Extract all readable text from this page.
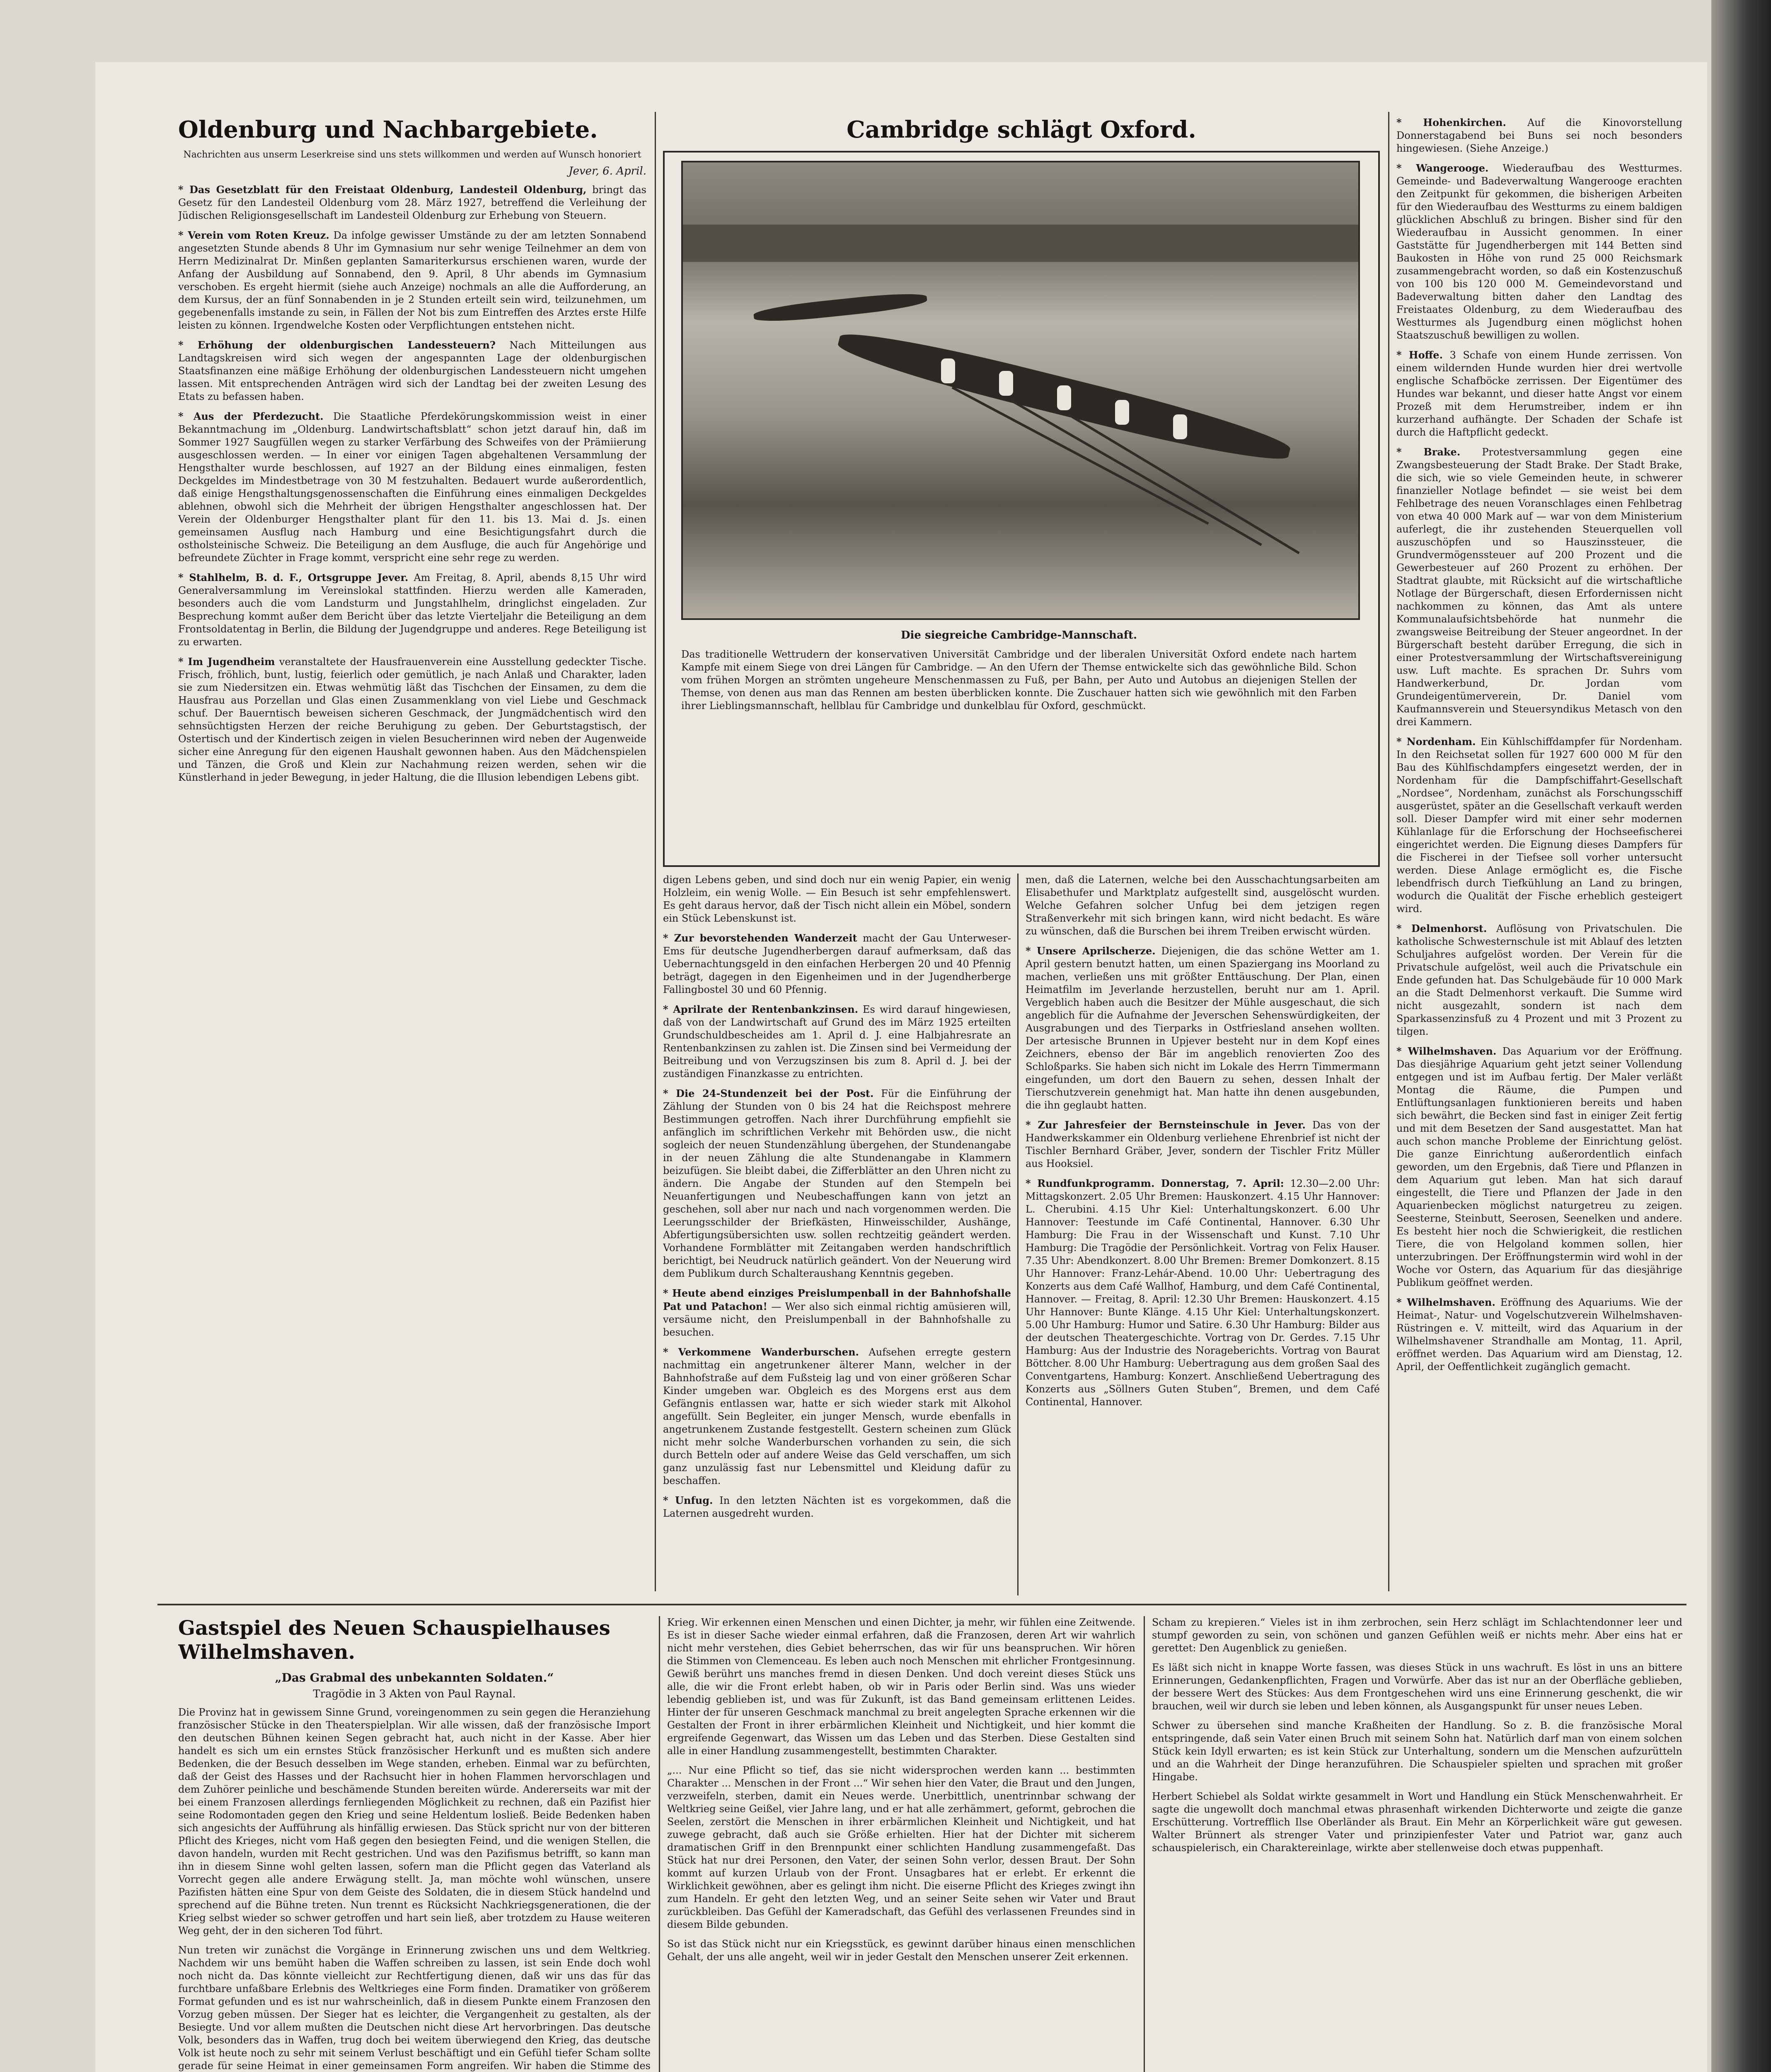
Oldenburg und Nachbargebiete.
Nachrichten aus unserm Leserkreise sind uns stets willkommen und werden auf Wunsch honoriert
Jever, 6. April.

* Das Gesetzblatt für den Freistaat Oldenburg, Landesteil Oldenburg, bringt das Gesetz für den Landesteil Oldenburg vom 28. März 1927, betreffend die Verleihung der Jüdischen Religionsgesellschaft im Landesteil Oldenburg zur Erhebung von Steuern.

* Verein vom Roten Kreuz. Da infolge gewisser Umstände zu der am letzten Sonnabend angesetzten Stunde abends 8 Uhr im Gymnasium nur sehr wenige Teilnehmer an dem von Herrn Medizinalrat Dr. Minßen geplanten Samariterkursus erschienen waren, wurde der Anfang der Ausbildung auf Sonnabend, den 9. April, 8 Uhr abends im Gymnasium verschoben. Es ergeht hiermit (siehe auch Anzeige) nochmals an alle die Aufforderung, an dem Kursus, der an fünf Sonnabenden in je 2 Stunden erteilt sein wird, teilzunehmen, um gegebenenfalls imstande zu sein, in Fällen der Not bis zum Eintreffen des Arztes erste Hilfe leisten zu können. Irgendwelche Kosten oder Verpflichtungen entstehen nicht.

* Erhöhung der oldenburgischen Landessteuern? Nach Mitteilungen aus Landtagskreisen wird sich wegen der angespannten Lage der oldenburgischen Staatsfinanzen eine mäßige Erhöhung der oldenburgischen Landessteuern nicht umgehen lassen. Mit entsprechenden Anträgen wird sich der Landtag bei der zweiten Lesung des Etats zu befassen haben.

* Aus der Pferdezucht. Die Staatliche Pferdekörungskommission weist in einer Bekanntmachung im „Oldenburg. Landwirtschaftsblatt“ schon jetzt darauf hin, daß im Sommer 1927 Saugfüllen wegen zu starker Verfärbung des Schweifes von der Prämiierung ausgeschlossen werden. — In einer vor einigen Tagen abgehaltenen Versammlung der Hengsthalter wurde beschlossen, auf 1927 an der Bildung eines einmaligen, festen Deckgeldes im Mindestbetrage von 30 M festzuhalten. Bedauert wurde außerordentlich, daß einige Hengsthaltungsgenossenschaften die Einführung eines einmaligen Deckgeldes ablehnen, obwohl sich die Mehrheit der übrigen Hengsthalter angeschlossen hat. Der Verein der Oldenburger Hengsthalter plant für den 11. bis 13. Mai d. Js. einen gemeinsamen Ausflug nach Hamburg und eine Besichtigungsfahrt durch die ostholsteinische Schweiz. Die Beteiligung an dem Ausfluge, die auch für Angehörige und befreundete Züchter in Frage kommt, verspricht eine sehr rege zu werden.

* Stahlhelm, B. d. F., Ortsgruppe Jever. Am Freitag, 8. April, abends 8,15 Uhr wird Generalversammlung im Vereinslokal stattfinden. Hierzu werden alle Kameraden, besonders auch die vom Landsturm und Jungstahlhelm, dringlichst eingeladen. Zur Besprechung kommt außer dem Bericht über das letzte Vierteljahr die Beteiligung an dem Frontsoldatentag in Berlin, die Bildung der Jugendgruppe und anderes. Rege Beteiligung ist zu erwarten.

* Im Jugendheim veranstaltete der Hausfrauenverein eine Ausstellung gedeckter Tische. Frisch, fröhlich, bunt, lustig, feierlich oder gemütlich, je nach Anlaß und Charakter, laden sie zum Niedersitzen ein. Etwas wehmütig läßt das Tischchen der Einsamen, zu dem die Hausfrau aus Porzellan und Glas einen Zusammenklang von viel Liebe und Geschmack schuf. Der Bauerntisch beweisen sicheren Geschmack, der Jungmädchentisch wird den sehnsüchtigsten Herzen der reiche Beruhigung zu geben. Der Geburtstagstisch, der Ostertisch und der Kindertisch zeigen in vielen Besucherinnen wird neben der Augenweide sicher eine Anregung für den eigenen Haushalt gewonnen haben. Aus den Mädchenspielen und Tänzen, die Groß und Klein zur Nachahmung reizen werden, sehen wir die Künstlerhand in jeder Bewegung, in jeder Haltung, die die Illusion lebendigen Lebens gibt.

Cambridge schlägt Oxford.

Die siegreiche Cambridge-Mannschaft.

Das traditionelle Wettrudern der konservativen Universität Cambridge und der liberalen Universität Oxford endete nach hartem Kampfe mit einem Siege von drei Längen für Cambridge. — An den Ufern der Themse entwickelte sich das gewöhnliche Bild. Schon vom frühen Morgen an strömten ungeheure Menschenmassen zu Fuß, per Bahn, per Auto und Autobus an diejenigen Stellen der Themse, von denen aus man das Rennen am besten überblicken konnte. Die Zuschauer hatten sich wie gewöhnlich mit den Farben ihrer Lieblingsmannschaft, hellblau für Cambridge und dunkelblau für Oxford, geschmückt.

digen Lebens geben, und sind doch nur ein wenig Papier, ein wenig Holzleim, ein wenig Wolle. — Ein Besuch ist sehr empfehlenswert. Es geht daraus hervor, daß der Tisch nicht allein ein Möbel, sondern ein Stück Lebenskunst ist.

* Zur bevorstehenden Wanderzeit macht der Gau Unterweser-Ems für deutsche Jugendherbergen darauf aufmerksam, daß das Uebernachtungsgeld in den einfachen Herbergen 20 und 40 Pfennig beträgt, dagegen in den Eigenheimen und in der Jugendherberge Fallingbostel 30 und 60 Pfennig.

* Aprilrate der Rentenbankzinsen. Es wird darauf hingewiesen, daß von der Landwirtschaft auf Grund des im März 1925 erteilten Grundschuldbescheides am 1. April d. J. eine Halbjahresrate an Rentenbankzinsen zu zahlen ist. Die Zinsen sind bei Vermeidung der Beitreibung und von Verzugszinsen bis zum 8. April d. J. bei der zuständigen Finanzkasse zu entrichten.

* Die 24-Stundenzeit bei der Post. Für die Einführung der Zählung der Stunden von 0 bis 24 hat die Reichspost mehrere Bestimmungen getroffen. Nach ihrer Durchführung empfiehlt sie anfänglich im schriftlichen Verkehr mit Behörden usw., die nicht sogleich der neuen Stundenzählung übergehen, der Stundenangabe in der neuen Zählung die alte Stundenangabe in Klammern beizufügen. Sie bleibt dabei, die Zifferblätter an den Uhren nicht zu ändern. Die Angabe der Stunden auf den Stempeln bei Neuanfertigungen und Neubeschaffungen kann von jetzt an geschehen, soll aber nur nach und nach vorgenommen werden. Die Leerungsschilder der Briefkästen, Hinweisschilder, Aushänge, Abfertigungsübersichten usw. sollen rechtzeitig geändert werden. Vorhandene Formblätter mit Zeitangaben werden handschriftlich berichtigt, bei Neudruck natürlich geändert. Von der Neuerung wird dem Publikum durch Schalteraushang Kenntnis gegeben.

* Heute abend einziges Preislumpenball in der Bahnhofshalle Pat und Patachon! — Wer also sich einmal richtig amüsieren will, versäume nicht, den Preislumpenball in der Bahnhofshalle zu besuchen.

* Verkommene Wanderburschen. Aufsehen erregte gestern nachmittag ein angetrunkener älterer Mann, welcher in der Bahnhofstraße auf dem Fußsteig lag und von einer größeren Schar Kinder umgeben war. Obgleich es des Morgens erst aus dem Gefängnis entlassen war, hatte er sich wieder stark mit Alkohol angefüllt. Sein Begleiter, ein junger Mensch, wurde ebenfalls in angetrunkenem Zustande festgestellt. Gestern scheinen zum Glück nicht mehr solche Wanderburschen vorhanden zu sein, die sich durch Betteln oder auf andere Weise das Geld verschaffen, um sich ganz unzulässig fast nur Lebensmittel und Kleidung dafür zu beschaffen.

* Unfug. In den letzten Nächten ist es vorgekommen, daß die Laternen ausgedreht wurden.

men, daß die Laternen, welche bei den Ausschachtungsarbeiten am Elisabethufer und Marktplatz aufgestellt sind, ausgelöscht wurden. Welche Gefahren solcher Unfug bei dem jetzigen regen Straßenverkehr mit sich bringen kann, wird nicht bedacht. Es wäre zu wünschen, daß die Burschen bei ihrem Treiben erwischt würden.

* Unsere Aprilscherze. Diejenigen, die das schöne Wetter am 1. April gestern benutzt hatten, um einen Spaziergang ins Moorland zu machen, verließen uns mit größter Enttäuschung. Der Plan, einen Heimatfilm im Jeverlande herzustellen, beruht nur am 1. April. Vergeblich haben auch die Besitzer der Mühle ausgeschaut, die sich angeblich für die Aufnahme der Jeverschen Sehenswürdigkeiten, der Ausgrabungen und des Tierparks in Ostfriesland ansehen wollten. Der artesische Brunnen in Upjever besteht nur in dem Kopf eines Zeichners, ebenso der Bär im angeblich renovierten Zoo des Schloßparks. Sie haben sich nicht im Lokale des Herrn Timmermann eingefunden, um dort den Bauern zu sehen, dessen Inhalt der Tierschutzverein genehmigt hat. Man hatte ihn denen ausgebunden, die ihn geglaubt hatten.

* Zur Jahresfeier der Bernsteinschule in Jever. Das von der Handwerkskammer ein Oldenburg verliehene Ehrenbrief ist nicht der Tischler Bernhard Gräber, Jever, sondern der Tischler Fritz Müller aus Hooksiel.

* Rundfunkprogramm. Donnerstag, 7. April: 12.30—2.00 Uhr: Mittagskonzert. 2.05 Uhr Bremen: Hauskonzert. 4.15 Uhr Hannover: L. Cherubini. 4.15 Uhr Kiel: Unterhaltungskonzert. 6.00 Uhr Hannover: Teestunde im Café Continental, Hannover. 6.30 Uhr Hamburg: Die Frau in der Wissenschaft und Kunst. 7.10 Uhr Hamburg: Die Tragödie der Persönlichkeit. Vortrag von Felix Hauser. 7.35 Uhr: Abendkonzert. 8.00 Uhr Bremen: Bremer Domkonzert. 8.15 Uhr Hannover: Franz-Lehár-Abend. 10.00 Uhr: Uebertragung des Konzerts aus dem Café Wallhof, Hamburg, und dem Café Continental, Hannover. — Freitag, 8. April: 12.30 Uhr Bremen: Hauskonzert. 4.15 Uhr Hannover: Bunte Klänge. 4.15 Uhr Kiel: Unterhaltungskonzert. 5.00 Uhr Hamburg: Humor und Satire. 6.30 Uhr Hamburg: Bilder aus der deutschen Theatergeschichte. Vortrag von Dr. Gerdes. 7.15 Uhr Hamburg: Aus der Industrie des Norageberichts. Vortrag von Baurat Böttcher. 8.00 Uhr Hamburg: Uebertragung aus dem großen Saal des Conventgartens, Hamburg: Konzert. Anschließend Uebertragung des Konzerts aus „Söllners Guten Stuben“, Bremen, und dem Café Continental, Hannover.

* Hohenkirchen. Auf die Kinovorstellung Donnerstagabend bei Buns sei noch besonders hingewiesen. (Siehe Anzeige.)

* Wangerooge. Wiederaufbau des Westturmes. Gemeinde- und Badeverwaltung Wangerooge erachten den Zeitpunkt für gekommen, die bisherigen Arbeiten für den Wiederaufbau des Westturms zu einem baldigen glücklichen Abschluß zu bringen. Bisher sind für den Wiederaufbau in Aussicht genommen. In einer Gaststätte für Jugendherbergen mit 144 Betten sind Baukosten in Höhe von rund 25 000 Reichsmark zusammengebracht worden, so daß ein Kostenzuschuß von 100 bis 120 000 M. Gemeindevorstand und Badeverwaltung bitten daher den Landtag des Freistaates Oldenburg, zu dem Wiederaufbau des Westturmes als Jugendburg einen möglichst hohen Staatszuschuß bewilligen zu wollen.

* Hoffe. 3 Schafe von einem Hunde zerrissen. Von einem wildernden Hunde wurden hier drei wertvolle englische Schafböcke zerrissen. Der Eigentümer des Hundes war bekannt, und dieser hatte Angst vor einem Prozeß mit dem Herumstreiber, indem er ihn kurzerhand aufhängte. Der Schaden der Schafe ist durch die Haftpflicht gedeckt.

* Brake. Protestversammlung gegen eine Zwangsbesteuerung der Stadt Brake. Der Stadt Brake, die sich, wie so viele Gemeinden heute, in schwerer finanzieller Notlage befindet — sie weist bei dem Fehlbetrage des neuen Voranschlages einen Fehlbetrag von etwa 40 000 Mark auf — war von dem Ministerium auferlegt, die ihr zustehenden Steuerquellen voll auszuschöpfen und so Hauszinssteuer, die Grundvermögenssteuer auf 200 Prozent und die Gewerbesteuer auf 260 Prozent zu erhöhen. Der Stadtrat glaubte, mit Rücksicht auf die wirtschaftliche Notlage der Bürgerschaft, diesen Erfordernissen nicht nachkommen zu können, das Amt als untere Kommunalaufsichtsbehörde hat nunmehr die zwangsweise Beitreibung der Steuer angeordnet. In der Bürgerschaft besteht darüber Erregung, die sich in einer Protestversammlung der Wirtschaftsvereinigung usw. Luft machte. Es sprachen Dr. Suhrs vom Handwerkerbund, Dr. Jordan vom Grundeigentümerverein, Dr. Daniel vom Kaufmannsverein und Steuersyndikus Metasch von den drei Kammern.

* Nordenham. Ein Kühlschiffdampfer für Nordenham. In den Reichsetat sollen für 1927 600 000 M für den Bau des Kühlfischdampfers eingesetzt werden, der in Nordenham für die Dampfschiffahrt-Gesellschaft „Nordsee“, Nordenham, zunächst als Forschungsschiff ausgerüstet, später an die Gesellschaft verkauft werden soll. Dieser Dampfer wird mit einer sehr modernen Kühlanlage für die Erforschung der Hochseefischerei eingerichtet werden. Die Eignung dieses Dampfers für die Fischerei in der Tiefsee soll vorher untersucht werden. Diese Anlage ermöglicht es, die Fische lebendfrisch durch Tiefkühlung an Land zu bringen, wodurch die Qualität der Fische erheblich gesteigert wird.

* Delmenhorst. Auflösung von Privatschulen. Die katholische Schwesternschule ist mit Ablauf des letzten Schuljahres aufgelöst worden. Der Verein für die Privatschule aufgelöst, weil auch die Privatschule ein Ende gefunden hat. Das Schulgebäude für 10 000 Mark an die Stadt Delmenhorst verkauft. Die Summe wird nicht ausgezahlt, sondern ist nach dem Sparkassenzinsfuß zu 4 Prozent und mit 3 Prozent zu tilgen.

* Wilhelmshaven. Das Aquarium vor der Eröffnung. Das diesjährige Aquarium geht jetzt seiner Vollendung entgegen und ist im Aufbau fertig. Der Maler verläßt Montag die Räume, die Pumpen und Entlüftungsanlagen funktionieren bereits und haben sich bewährt, die Becken sind fast in einiger Zeit fertig und mit dem Besetzen der Sand ausgestattet. Man hat auch schon manche Probleme der Einrichtung gelöst. Die ganze Einrichtung außerordentlich einfach geworden, um den Ergebnis, daß Tiere und Pflanzen in dem Aquarium gut leben. Man hat sich darauf eingestellt, die Tiere und Pflanzen der Jade in den Aquarienbecken möglichst naturgetreu zu zeigen. Seesterne, Steinbutt, Seerosen, Seenelken und andere. Es besteht hier noch die Schwierigkeit, die restlichen Tiere, die von Helgoland kommen sollen, hier unterzubringen. Der Eröffnungstermin wird wohl in der Woche vor Ostern, das Aquarium für das diesjährige Publikum geöffnet werden.

* Wilhelmshaven. Eröffnung des Aquariums. Wie der Heimat-, Natur- und Vogelschutzverein Wilhelmshaven-Rüstringen e. V. mitteilt, wird das Aquarium in der Wilhelmshavener Strandhalle am Montag, 11. April, eröffnet werden. Das Aquarium wird am Dienstag, 12. April, der Oeffentlichkeit zugänglich gemacht.

Gastspiel des Neuen Schauspielhauses Wilhelmshaven.
„Das Grabmal des unbekannten Soldaten.“
Tragödie in 3 Akten von Paul Raynal.

Die Provinz hat in gewissem Sinne Grund, voreingenommen zu sein gegen die Heranziehung französischer Stücke in den Theaterspielplan. Wir alle wissen, daß der französische Import den deutschen Bühnen keinen Segen gebracht hat, auch nicht in der Kasse. Aber hier handelt es sich um ein ernstes Stück französischer Herkunft und es mußten sich andere Bedenken, die der Besuch desselben im Wege standen, erheben. Einmal war zu befürchten, daß der Geist des Hasses und der Rachsucht hier in hohen Flammen hervorschlagen und dem Zuhörer peinliche und beschämende Stunden bereiten würde. Andererseits war mit der bei einem Franzosen allerdings fernliegenden Möglichkeit zu rechnen, daß ein Pazifist hier seine Rodomontaden gegen den Krieg und seine Heldentum losließ. Beide Bedenken haben sich angesichts der Aufführung als hinfällig erwiesen. Das Stück spricht nur von der bitteren Pflicht des Krieges, nicht vom Haß gegen den besiegten Feind, und die wenigen Stellen, die davon handeln, wurden mit Recht gestrichen. Und was den Pazifismus betrifft, so kann man ihn in diesem Sinne wohl gelten lassen, sofern man die Pflicht gegen das Vaterland als Vorrecht gegen alle andere Erwägung stellt. Ja, man möchte wohl wünschen, unsere Pazifisten hätten eine Spur von dem Geiste des Soldaten, die in diesem Stück handelnd und sprechend auf die Bühne treten. Nun trennt es Rücksicht Nachkriegsgenerationen, die der Krieg selbst wieder so schwer getroffen und hart sein ließ, aber trotzdem zu Hause weiteren Weg geht, der in den sicheren Tod führt.

Nun treten wir zunächst die Vorgänge in Erinnerung zwischen uns und dem Weltkrieg. Nachdem wir uns bemüht haben die Waffen schreiben zu lassen, ist sein Ende doch wohl noch nicht da. Das könnte vielleicht zur Rechtfertigung dienen, daß wir uns das für das furchtbare unfaßbare Erlebnis des Weltkrieges eine Form finden. Dramatiker von größerem Format gefunden und es ist nur wahrscheinlich, daß in diesem Punkte einem Franzosen den Vorzug geben müssen. Der Sieger hat es leichter, die Vergangenheit zu gestalten, als der Besiegte. Und vor allem mußten die Deutschen nicht diese Art hervorbringen. Das deutsche Volk, besonders das in Waffen, trug doch bei weitem überwiegend den Krieg, das deutsche Volk ist heute noch zu sehr mit seinem Verlust beschäftigt und ein Gefühl tiefer Scham sollte gerade für seine Heimat in einer gemeinsamen Form angreifen. Wir haben die Stimme des

Krieg. Wir erkennen einen Menschen und einen Dichter, ja mehr, wir fühlen eine Zeitwende. Es ist in dieser Sache wieder einmal erfahren, daß die Franzosen, deren Art wir wahrlich nicht mehr verstehen, dies Gebiet beherrschen, das wir für uns beanspruchen. Wir hören die Stimmen von Clemenceau. Es leben auch noch Menschen mit ehrlicher Frontgesinnung. Gewiß berührt uns manches fremd in diesen Denken. Und doch vereint dieses Stück uns alle, die wir die Front erlebt haben, ob wir in Paris oder Berlin sind. Was uns wieder lebendig geblieben ist, und was für Zukunft, ist das Band gemeinsam erlittenen Leides. Hinter der für unseren Geschmack manchmal zu breit angelegten Sprache erkennen wir die Gestalten der Front in ihrer erbärmlichen Kleinheit und Nichtigkeit, und hier kommt die ergreifende Gegenwart, das Wissen um das Leben und das Sterben. Diese Gestalten sind alle in einer Handlung zusammengestellt, bestimmten Charakter.

„... Nur eine Pflicht so tief, das sie nicht widersprochen werden kann ... bestimmten Charakter ... Menschen in der Front ...“ Wir sehen hier den Vater, die Braut und den Jungen, verzweifeln, sterben, damit ein Neues werde. Unerbittlich, unentrinnbar schwang der Weltkrieg seine Geißel, vier Jahre lang, und er hat alle zerhämmert, geformt, gebrochen die Seelen, zerstört die Menschen in ihrer erbärmlichen Kleinheit und Nichtigkeit, und hat zuwege gebracht, daß auch sie Größe erhielten. Hier hat der Dichter mit sicherem dramatischen Griff in den Brennpunkt einer schlichten Handlung zusammengefaßt. Das Stück hat nur drei Personen, den Vater, der seinen Sohn verlor, dessen Braut. Der Sohn kommt auf kurzen Urlaub von der Front. Unsagbares hat er erlebt. Er erkennt die Wirklichkeit gewöhnen, aber es gelingt ihm nicht. Die eiserne Pflicht des Krieges zwingt ihn zum Handeln. Er geht den letzten Weg, und an seiner Seite sehen wir Vater und Braut zurückbleiben. Das Gefühl der Kameradschaft, das Gefühl des verlassenen Freundes sind in diesem Bilde gebunden.

So ist das Stück nicht nur ein Kriegsstück, es gewinnt darüber hinaus einen menschlichen Gehalt, der uns alle angeht, weil wir in jeder Gestalt den Menschen unserer Zeit erkennen.

Scham zu krepieren.“ Vieles ist in ihm zerbrochen, sein Herz schlägt im Schlachtendonner leer und stumpf geworden zu sein, von schönen und ganzen Gefühlen weiß er nichts mehr. Aber eins hat er gerettet: Den Augenblick zu genießen.

Es läßt sich nicht in knappe Worte fassen, was dieses Stück in uns wachruft. Es löst in uns an bittere Erinnerungen, Gedankenpflichten, Fragen und Vorwürfe. Aber das ist nur an der Oberfläche geblieben, der bessere Wert des Stückes: Aus dem Frontgeschehen wird uns eine Erinnerung geschenkt, die wir brauchen, weil wir durch sie leben und leben können, als Ausgangspunkt für unser neues Leben.

Schwer zu übersehen sind manche Kraßheiten der Handlung. So z. B. die französische Moral entspringende, daß sein Vater einen Bruch mit seinem Sohn hat. Natürlich darf man von einem solchen Stück kein Idyll erwarten; es ist kein Stück zur Unterhaltung, sondern um die Menschen aufzurütteln und an die Wahrheit der Dinge heranzuführen. Die Schauspieler spielten und sprachen mit großer Hingabe.

Herbert Schiebel als Soldat wirkte gesammelt in Wort und Handlung ein Stück Menschenwahrheit. Er sagte die ungewollt doch manchmal etwas phrasenhaft wirkenden Dichterworte und zeigte die ganze Erschütterung. Vortrefflich Ilse Oberländer als Braut. Ein Mehr an Körperlichkeit wäre gut gewesen. Walter Brünnert als strenger Vater und prinzipienfester Vater und Patriot war, ganz auch schauspielerisch, ein Charaktereinlage, wirkte aber stellenweise doch etwas puppenhaft.
